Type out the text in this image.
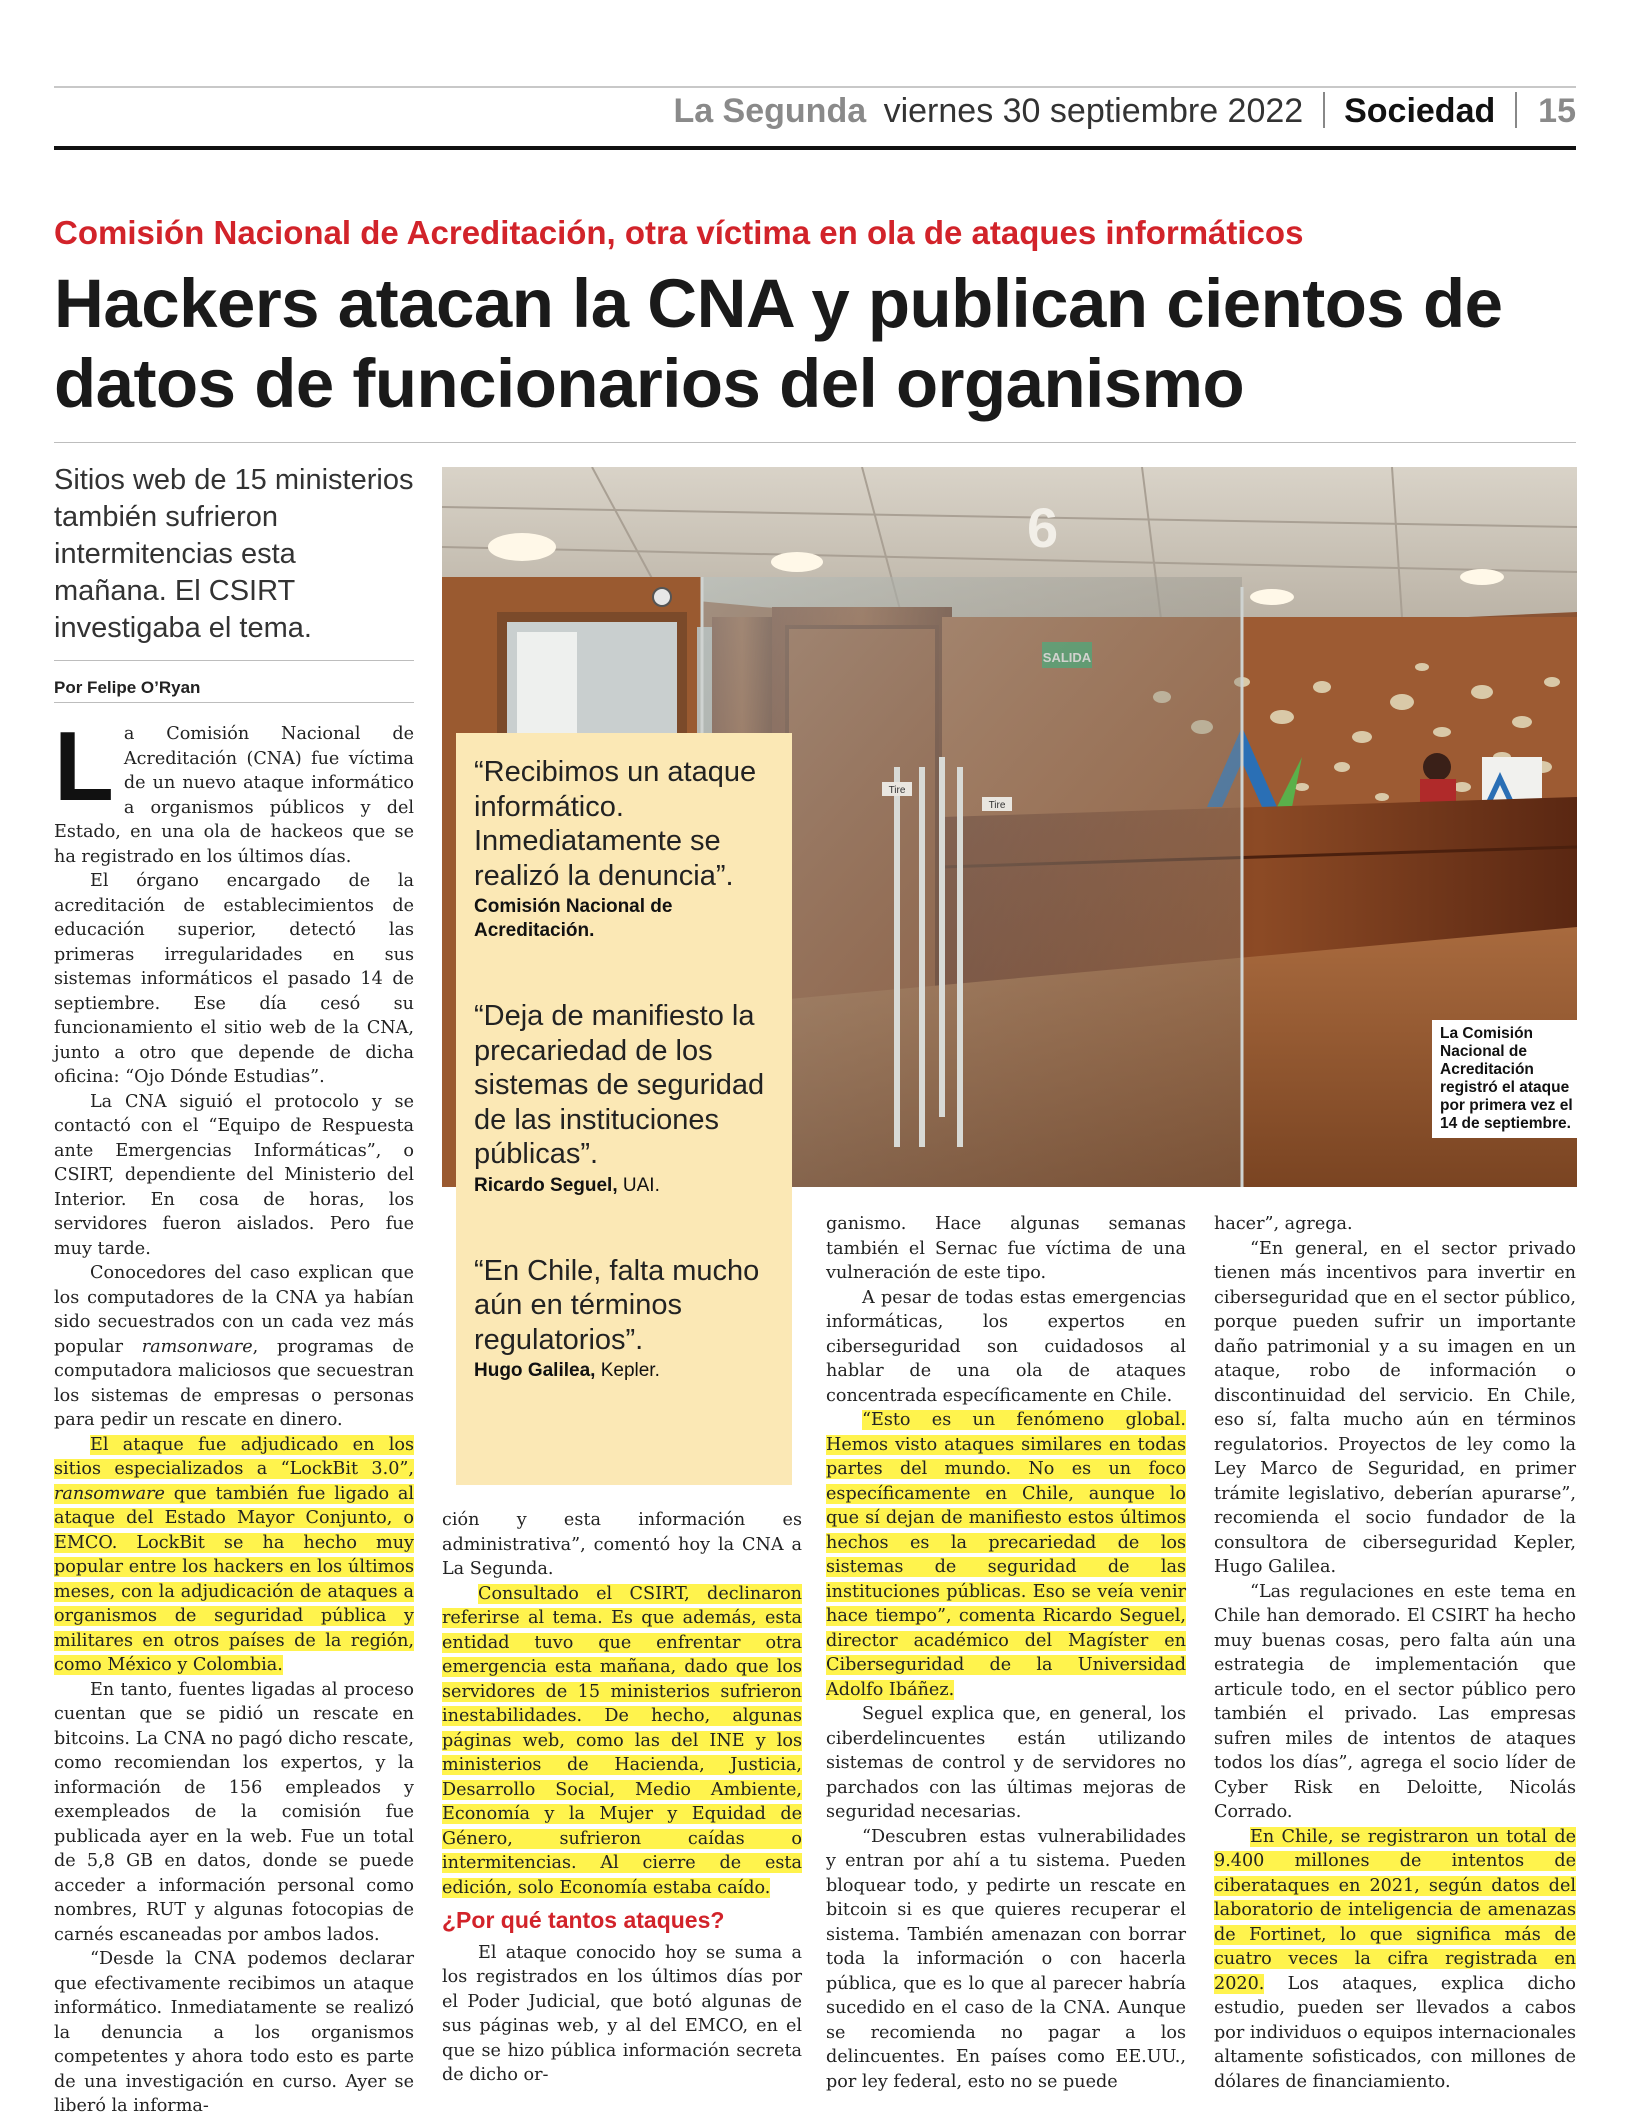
La Segunda viernes 30 septiembre 2022 Sociedad 15
Comisión Nacional de Acreditación, otra víctima en ola de ataques informáticos
Hackers atacan la CNA y publican cientos de datos de funcionarios del organismo
Sitios web de 15 ministerios también sufrieron intermitencias esta mañana. El CSIRT investigaba el tema.
Por Felipe O’Ryan
6
Tire
Tire
La Comisión Nacional de Acreditación registró el ataque por primera vez el 14 de septiembre.
“Recibimos un ataque informático. Inmediatamente se realizó la denuncia”.
Comisión Nacional de Acreditación.
“Deja de manifiesto la precariedad de los sistemas de seguridad de las instituciones públicas”.
Ricardo Seguel, UAI.
“En Chile, falta mucho aún en términos regulatorios”.
Hugo Galilea, Kepler.

La Comisión Nacional de Acreditación (CNA) fue víctima de un nuevo ataque informático a organismos públicos y del Estado, en una ola de hackeos que se ha registrado en los últimos días.

El órgano encargado de la acreditación de establecimientos de educación superior, detectó las primeras irregularidades en sus sistemas informáticos el pasado 14 de septiembre. Ese día cesó su funcionamiento el sitio web de la CNA, junto a otro que depende de dicha oficina: “Ojo Dónde Estudias”.

La CNA siguió el protocolo y se contactó con el “Equipo de Respuesta ante Emergencias Informáticas”, o CSIRT, dependiente del Ministerio del Interior. En cosa de horas, los servidores fueron aislados. Pero fue muy tarde.

Conocedores del caso explican que los computadores de la CNA ya habían sido secuestrados con un cada vez más popular ramsonware, programas de computadora maliciosos que secuestran los sistemas de empresas o personas para pedir un rescate en dinero.

El ataque fue adjudicado en los sitios especializados a “LockBit 3.0”, ransomware que también fue ligado al ataque del Estado Mayor Conjunto, o EMCO. LockBit se ha hecho muy popular entre los hackers en los últimos meses, con la adjudicación de ataques a organismos de seguridad pública y militares en otros países de la región, como México y Colombia.

En tanto, fuentes ligadas al proceso cuentan que se pidió un rescate en bitcoins. La CNA no pagó dicho rescate, como recomiendan los expertos, y la información de 156 empleados y exempleados de la comisión fue publicada ayer en la web. Fue un total de 5,8 GB en datos, donde se puede acceder a información personal como nombres, RUT y algunas fotocopias de carnés escaneadas por ambos lados.

“Desde la CNA podemos declarar que efectivamente recibimos un ataque informático. Inmediatamente se realizó la denuncia a los organismos competentes y ahora todo esto es parte de una investigación en curso. Ayer se liberó la informa-

ción y esta información es administrativa”, comentó hoy la CNA a La Segunda.

Consultado el CSIRT, declinaron referirse al tema. Es que además, esta entidad tuvo que enfrentar otra emergencia esta mañana, dado que los servidores de 15 ministerios sufrieron inestabilidades. De hecho, algunas páginas web, como las del INE y los ministerios de Hacienda, Justicia, Desarrollo Social, Medio Ambiente, Economía y la Mujer y Equidad de Género, sufrieron caídas o intermitencias. Al cierre de esta edición, solo Economía estaba caído.

¿Por qué tantos ataques?

El ataque conocido hoy se suma a los registrados en los últimos días por el Poder Judicial, que botó algunas de sus páginas web, y al del EMCO, en el que se hizo pública información secreta de dicho or-

ganismo. Hace algunas semanas también el Sernac fue víctima de una vulneración de este tipo.

A pesar de todas estas emergencias informáticas, los expertos en ciberseguridad son cuidadosos al hablar de una ola de ataques concentrada específicamente en Chile.

“Esto es un fenómeno global. Hemos visto ataques similares en todas partes del mundo. No es un foco específicamente en Chile, aunque lo que sí dejan de manifiesto estos últimos hechos es la precariedad de los sistemas de seguridad de las instituciones públicas. Eso se veía venir hace tiempo”, comenta Ricardo Seguel, director académico del Magíster en Ciberseguridad de la Universidad Adolfo Ibáñez.

Seguel explica que, en general, los ciberdelincuentes están utilizando sistemas de control y de servidores no parchados con las últimas mejoras de seguridad necesarias.

“Descubren estas vulnerabilidades y entran por ahí a tu sistema. Pueden bloquear todo, y pedirte un rescate en bitcoin si es que quieres recuperar el sistema. También amenazan con borrar toda la información o con hacerla pública, que es lo que al parecer habría sucedido en el caso de la CNA. Aunque se recomienda no pagar a los delincuentes. En países como EE.UU., por ley federal, esto no se puede

hacer”, agrega.

“En general, en el sector privado tienen más incentivos para invertir en ciberseguridad que en el sector público, porque pueden sufrir un importante daño patrimonial y a su imagen en un ataque, robo de información o discontinuidad del servicio. En Chile, eso sí, falta mucho aún en términos regulatorios. Proyectos de ley como la Ley Marco de Seguridad, en primer trámite legislativo, deberían apurarse”, recomienda el socio fundador de la consultora de ciberseguridad Kepler, Hugo Galilea.

“Las regulaciones en este tema en Chile han demorado. El CSIRT ha hecho muy buenas cosas, pero falta aún una estrategia de implementación que articule todo, en el sector público pero también el privado. Las empresas sufren miles de intentos de ataques todos los días”, agrega el socio líder de Cyber Risk en Deloitte, Nicolás Corrado.

En Chile, se registraron un total de 9.400 millones de intentos de ciberataques en 2021, según datos del laboratorio de inteligencia de amenazas de Fortinet, lo que significa más de cuatro veces la cifra registrada en 2020. Los ataques, explica dicho estudio, pueden ser llevados a cabos por individuos o equipos internacionales altamente sofisticados, con millones de dólares de financiamiento.
